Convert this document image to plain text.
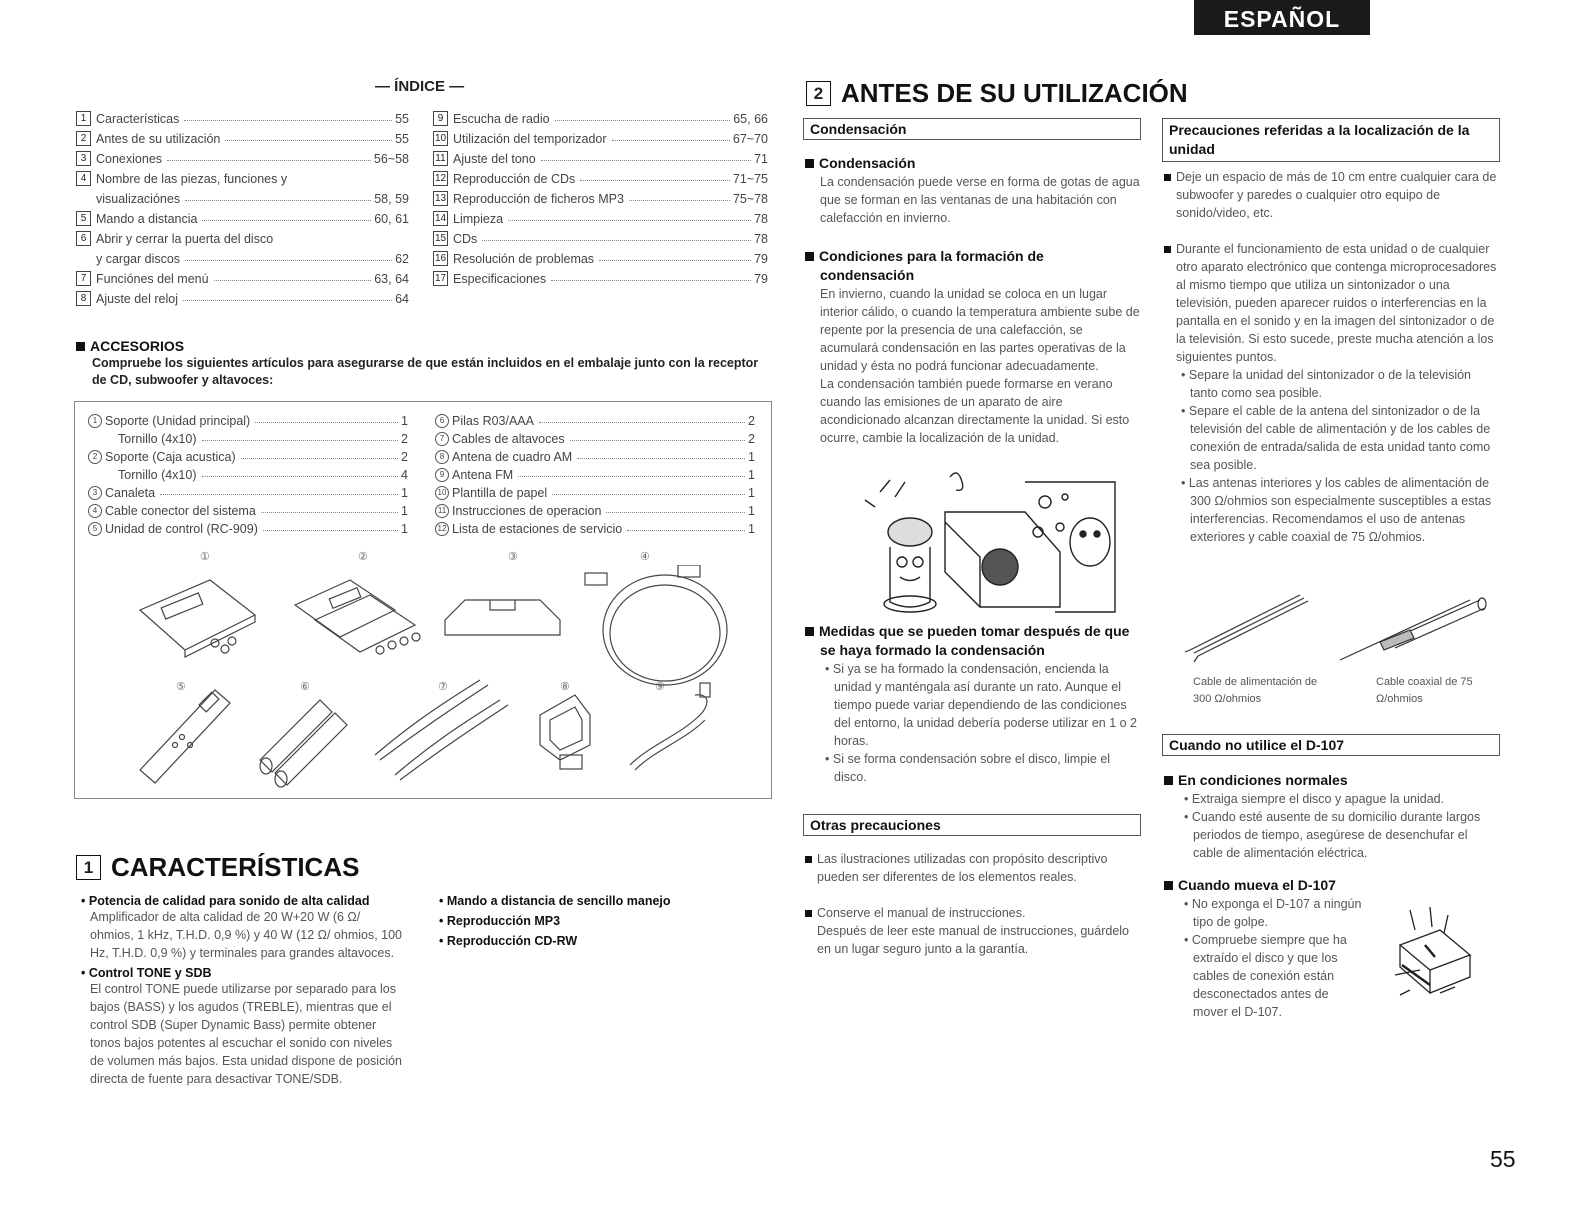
ESPAÑOL
55
— ÍNDICE —
1 Características	55
2 Antes de su utilización	55
3 Conexiones	56~58
4 Nombre de las piezas, funciones y
visualizaciónes	58, 59
5 Mando a distancia	60, 61
6 Abrir y cerrar la puerta del disco
y cargar discos	62
7 Funciónes del menú	63, 64
8 Ajuste del reloj	64
9 Escucha de radio	65, 66
10 Utilización del temporizador	67~70
11 Ajuste del tono	71
12 Reproducción de CDs	71~75
13 Reproducción de ficheros MP3	75~78
14 Limpieza	78
15 CDs	78
16 Resolución de problemas	79
17 Especificaciones	79
ACCESORIOS
Compruebe los siguientes artículos para asegurarse de que están incluidos en el embalaje junto con la receptor de CD, subwoofer y altavoces:
1 Soporte (Unidad principal)	1
Tornillo (4x10)	2
2 Soporte (Caja acustica)	2
Tornillo (4x10)	4
3 Canaleta	1
4 Cable conector del sistema	1
5 Unidad de control (RC-909)	1
6 Pilas R03/AAA	2
7 Cables de altavoces	2
8 Antena de cuadro AM	1
9 Antena FM	1
10 Plantilla de papel	1
11 Instrucciones de operacion	1
12 Lista de estaciones de servicio	1
①	②	③	④
⑤	⑥	⑦	⑧	⑨
1 CARACTERÍSTICAS
• Potencia de calidad para sonido de alta calidad
Amplificador de alta calidad de 20 W+20 W (6 Ω/ ohmios, 1 kHz, T.H.D. 0,9 %) y 40 W (12 Ω/ ohmios, 100 Hz, T.H.D. 0,9 %) y terminales para grandes altavoces.
• Control TONE y SDB
El control TONE puede utilizarse por separado para los bajos (BASS) y los agudos (TREBLE), mientras que el control SDB (Super Dynamic Bass) permite obtener tonos bajos potentes al escuchar el sonido con niveles de volumen más bajos. Esta unidad dispone de posición directa de fuente para desactivar TONE/SDB.
• Mando a distancia de sencillo manejo
• Reproducción MP3
• Reproducción CD-RW
2 ANTES DE SU UTILIZACIÓN
Condensación
Condensación
La condensación puede verse en forma de gotas de agua que se forman en las ventanas de una habitación con calefacción en invierno.
Condiciones para la formación de condensación
En invierno, cuando la unidad se coloca en un lugar interior cálido, o cuando la temperatura ambiente sube de repente por la presencia de una calefacción, se acumulará condensación en las partes operativas de la unidad y ésta no podrá funcionar adecuadamente.
La condensación también puede formarse en verano cuando las emisiones de un aparato de aire acondicionado alcanzan directamente la unidad. Si esto ocurre, cambie la localización de la unidad.
Medidas que se pueden tomar después de que se haya formado la condensación
• Si ya se ha formado la condensación, encienda la unidad y manténgala así durante un rato. Aunque el tiempo puede variar dependiendo de las condiciones del entorno, la unidad debería poderse utilizar en 1 o 2 horas.
• Si se forma condensación sobre el disco, limpie el disco.
Otras precauciones
Las ilustraciones utilizadas con propósito descriptivo pueden ser diferentes de los elementos reales.
Conserve el manual de instrucciones.
Después de leer este manual de instrucciones, guárdelo en un lugar seguro junto a la garantía.
Precauciones referidas a la localización de la unidad
Deje un espacio de más de 10 cm entre cualquier cara de subwoofer y paredes o cualquier otro equipo de sonido/video, etc.
Durante el funcionamiento de esta unidad o de cualquier otro aparato electrónico que contenga microprocesadores al mismo tiempo que utiliza un sintonizador o una televisión, pueden aparecer ruidos o interferencias en la pantalla en el sonido y en la imagen del sintonizador o de la televisión. Si esto sucede, preste mucha atención a los siguientes puntos.
• Separe la unidad del sintonizador o de la televisión tanto como sea posible.
• Separe el cable de la antena del sintonizador o de la televisión del cable de alimentación y de los cables de conexión de entrada/salida de esta unidad tanto como sea posible.
• Las antenas interiores y los cables de alimentación de 300 Ω/ohmios son especialmente susceptibles a estas interferencias. Recomendamos el uso de antenas exteriores y cable coaxial de 75 Ω/ohmios.
Cable de alimentación de 300 Ω/ohmios
Cable coaxial de 75 Ω/ohmios
Cuando no utilice el D-107
En condiciones normales
• Extraiga siempre el disco y apague la unidad.
• Cuando esté ausente de su domicilio durante largos periodos de tiempo, asegúrese de desenchufar el cable de alimentación eléctrica.
Cuando mueva el D-107
• No exponga el D-107 a ningún tipo de golpe.
• Compruebe siempre que ha extraído el disco y que los cables de conexión están desconectados antes de mover el D-107.
